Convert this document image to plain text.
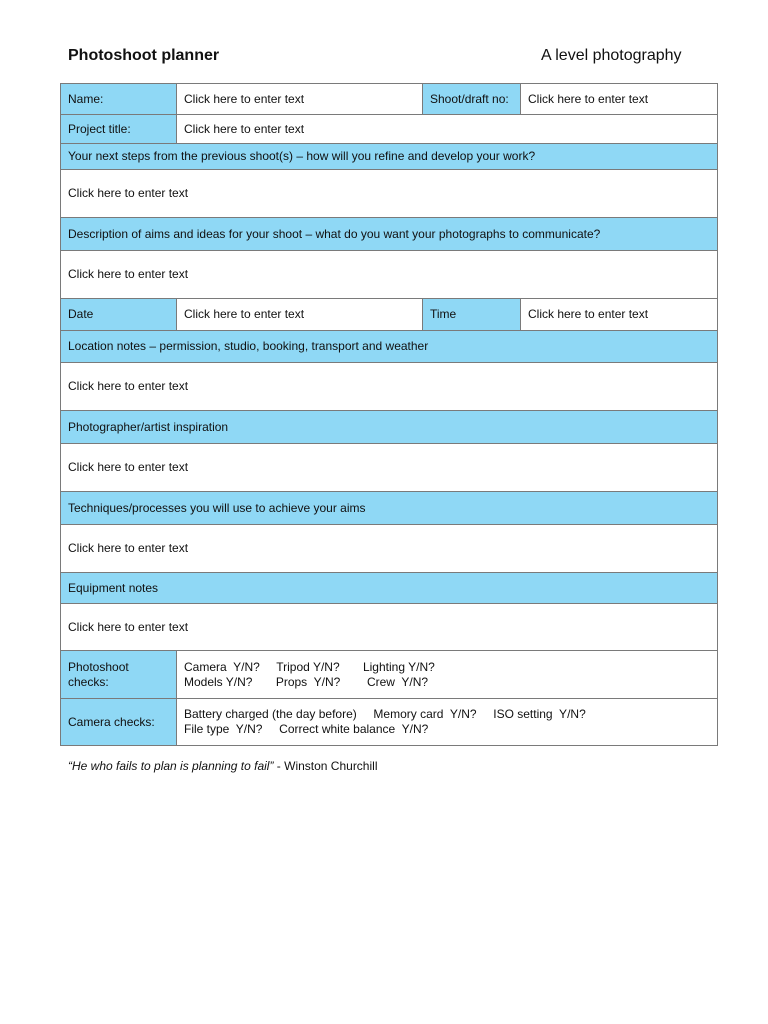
Photoshoot planner	A level photography
Name:	Click here to enter text	Shoot/draft no:	Click here to enter text
Project title:	Click here to enter text		
Your next steps from the previous shoot(s) – how will you refine and develop your work?			
Click here to enter text			
Description of aims and ideas for your shoot – what do you want your photographs to communicate?			
Click here to enter text			
Date	Click here to enter text	Time	Click here to enter text
Location notes – permission, studio, booking, transport and weather			
Click here to enter text			
Photographer/artist inspiration			
Click here to enter text			
Techniques/processes you will use to achieve your aims			
Click here to enter text			
Equipment notes			
Click here to enter text			
Photoshoot checks:	Camera  Y/N?     Tripod Y/N?       Lighting Y/N?
Models Y/N?       Props  Y/N?        Crew  Y/N?		

Camera checks:	Battery charged (the day before)     Memory card  Y/N?     ISO setting  Y/N?
File type  Y/N?     Correct white balance  Y/N?		
“He who fails to plan is planning to fail” - Winston Churchill
